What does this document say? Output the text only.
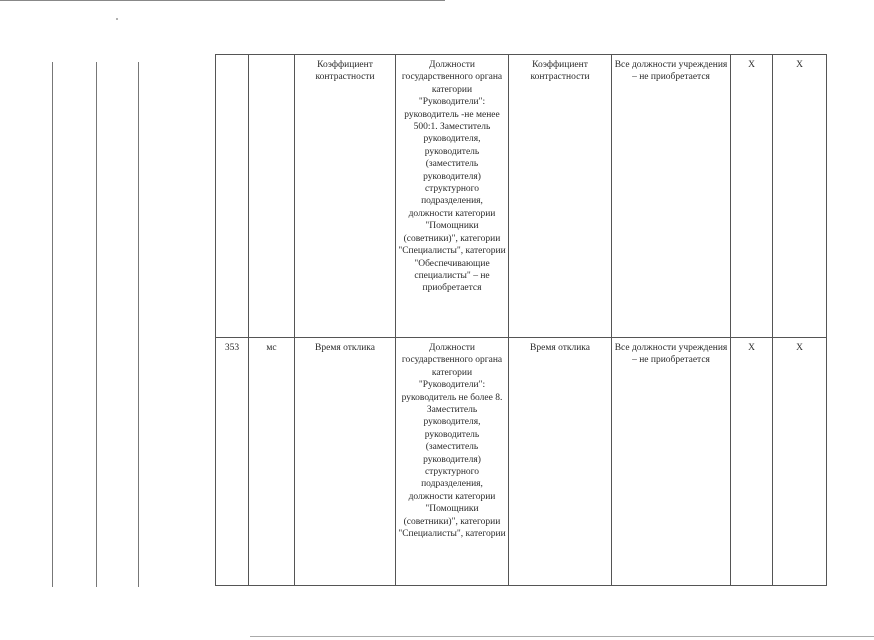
		Коэффициент контрастности	Должности государственного органа категории "Руководители": руководитель -не менее 500:1. Заместитель руководителя, руководитель (заместитель руководителя) структурного подразделения, должности категории "Помощники (советники)", категории "Специалисты", категории "Обеспечивающие специалисты" – не приобретается	Коэффициент контрастности	Все должности учреждения – не приобретается	Х	Х
353	мс	Время отклика	Должности государственного органа категории "Руководители": руководитель не более 8. Заместитель руководителя, руководитель (заместитель руководителя) структурного подразделения, должности категории "Помощники (советники)", категории "Специалисты", категории	Время отклика	Все должности учреждения – не приобретается	Х	Х
